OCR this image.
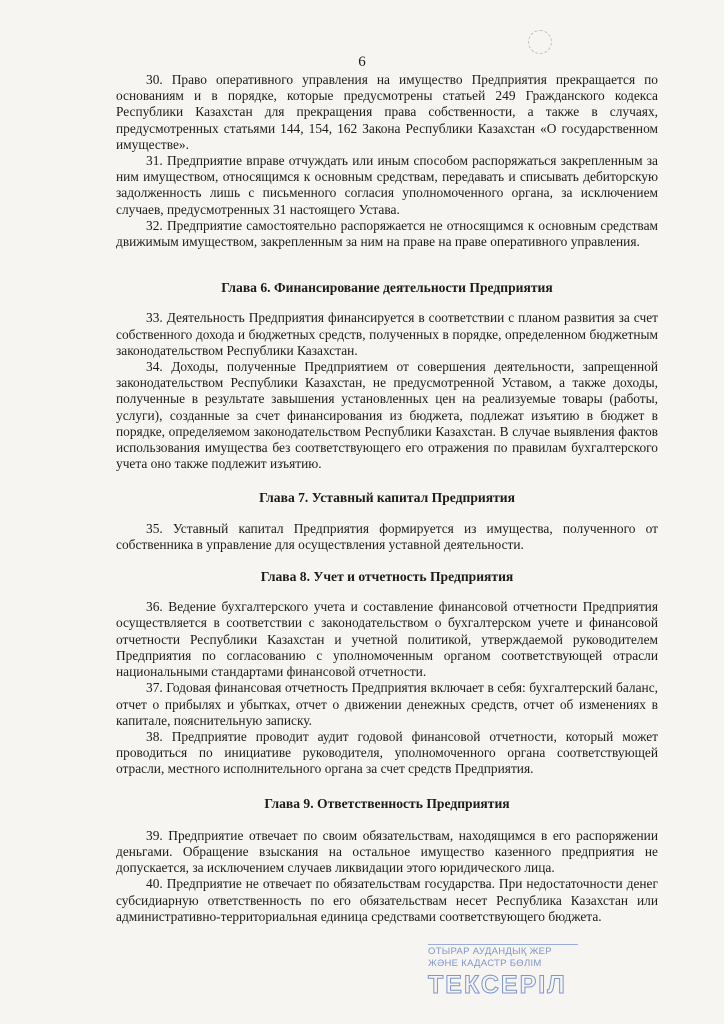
6

30. Право оперативного управления на имущество Предприятия прекращается по основаниям и в порядке, которые предусмотрены статьей 249 Гражданского кодекса Республики Казахстан для прекращения права собственности, а также в случаях, предусмотренных статьями 144, 154, 162 Закона Республики Казахстан «О государственном имуществе».

31. Предприятие вправе отчуждать или иным способом распоряжаться закрепленным за ним имуществом, относящимся к основным средствам, передавать и списывать дебиторскую задолженность лишь с письменного согласия уполномоченного органа, за исключением случаев, предусмотренных 31 настоящего Устава.

32. Предприятие самостоятельно распоряжается не относящимся к основным средствам движимым имуществом, закрепленным за ним на праве на праве оперативного управления.

Глава 6. Финансирование деятельности Предприятия

33. Деятельность Предприятия финансируется в соответствии с планом развития за счет собственного дохода и бюджетных средств, полученных в порядке, определенном бюджетным законодательством Республики Казахстан.

34. Доходы, полученные Предприятием от совершения деятельности, запрещенной законодательством Республики Казахстан, не предусмотренной Уставом, а также доходы, полученные в результате завышения установленных цен на реализуемые товары (работы, услуги), созданные за счет финансирования из бюджета, подлежат изъятию в бюджет в порядке, определяемом законодательством Республики Казахстан. В случае выявления фактов использования имущества без соответствующего его отражения по правилам бухгалтерского учета оно также подлежит изъятию.

Глава 7. Уставный капитал Предприятия

35. Уставный капитал Предприятия формируется из имущества, полученного от собственника в управление для осуществления уставной деятельности.

Глава 8. Учет и отчетность Предприятия

36. Ведение бухгалтерского учета и составление финансовой отчетности Предприятия осуществляется в соответствии с законодательством о бухгалтерском учете и финансовой отчетности Республики Казахстан и учетной политикой, утверждаемой руководителем Предприятия по согласованию с уполномоченным органом соответствующей отрасли национальными стандартами финансовой отчетности.

37. Годовая финансовая отчетность Предприятия включает в себя: бухгалтерский баланс, отчет о прибылях и убытках, отчет о движении денежных средств, отчет об изменениях в капитале, пояснительную записку.

38. Предприятие проводит аудит годовой финансовой отчетности, который может проводиться по инициативе руководителя, уполномоченного органа соответствующей отрасли, местного исполнительного органа за счет средств Предприятия.

Глава 9. Ответственность Предприятия

39. Предприятие отвечает по своим обязательствам, находящимся в его распоряжении деньгами. Обращение взыскания на остальное имущество казенного предприятия не допускается, за исключением случаев ликвидации этого юридического лица.

40. Предприятие не отвечает по обязательствам государства. При недостаточности денег субсидиарную ответственность по его обязательствам несет Республика Казахстан или административно-территориальная единица средствами соответствующего бюджета.

ОТЫРАР АУДАНДЫҚ ЖЕР
ЖӘНЕ КАДАСТР БӨЛІМ
ТЕКСЕРІЛ
